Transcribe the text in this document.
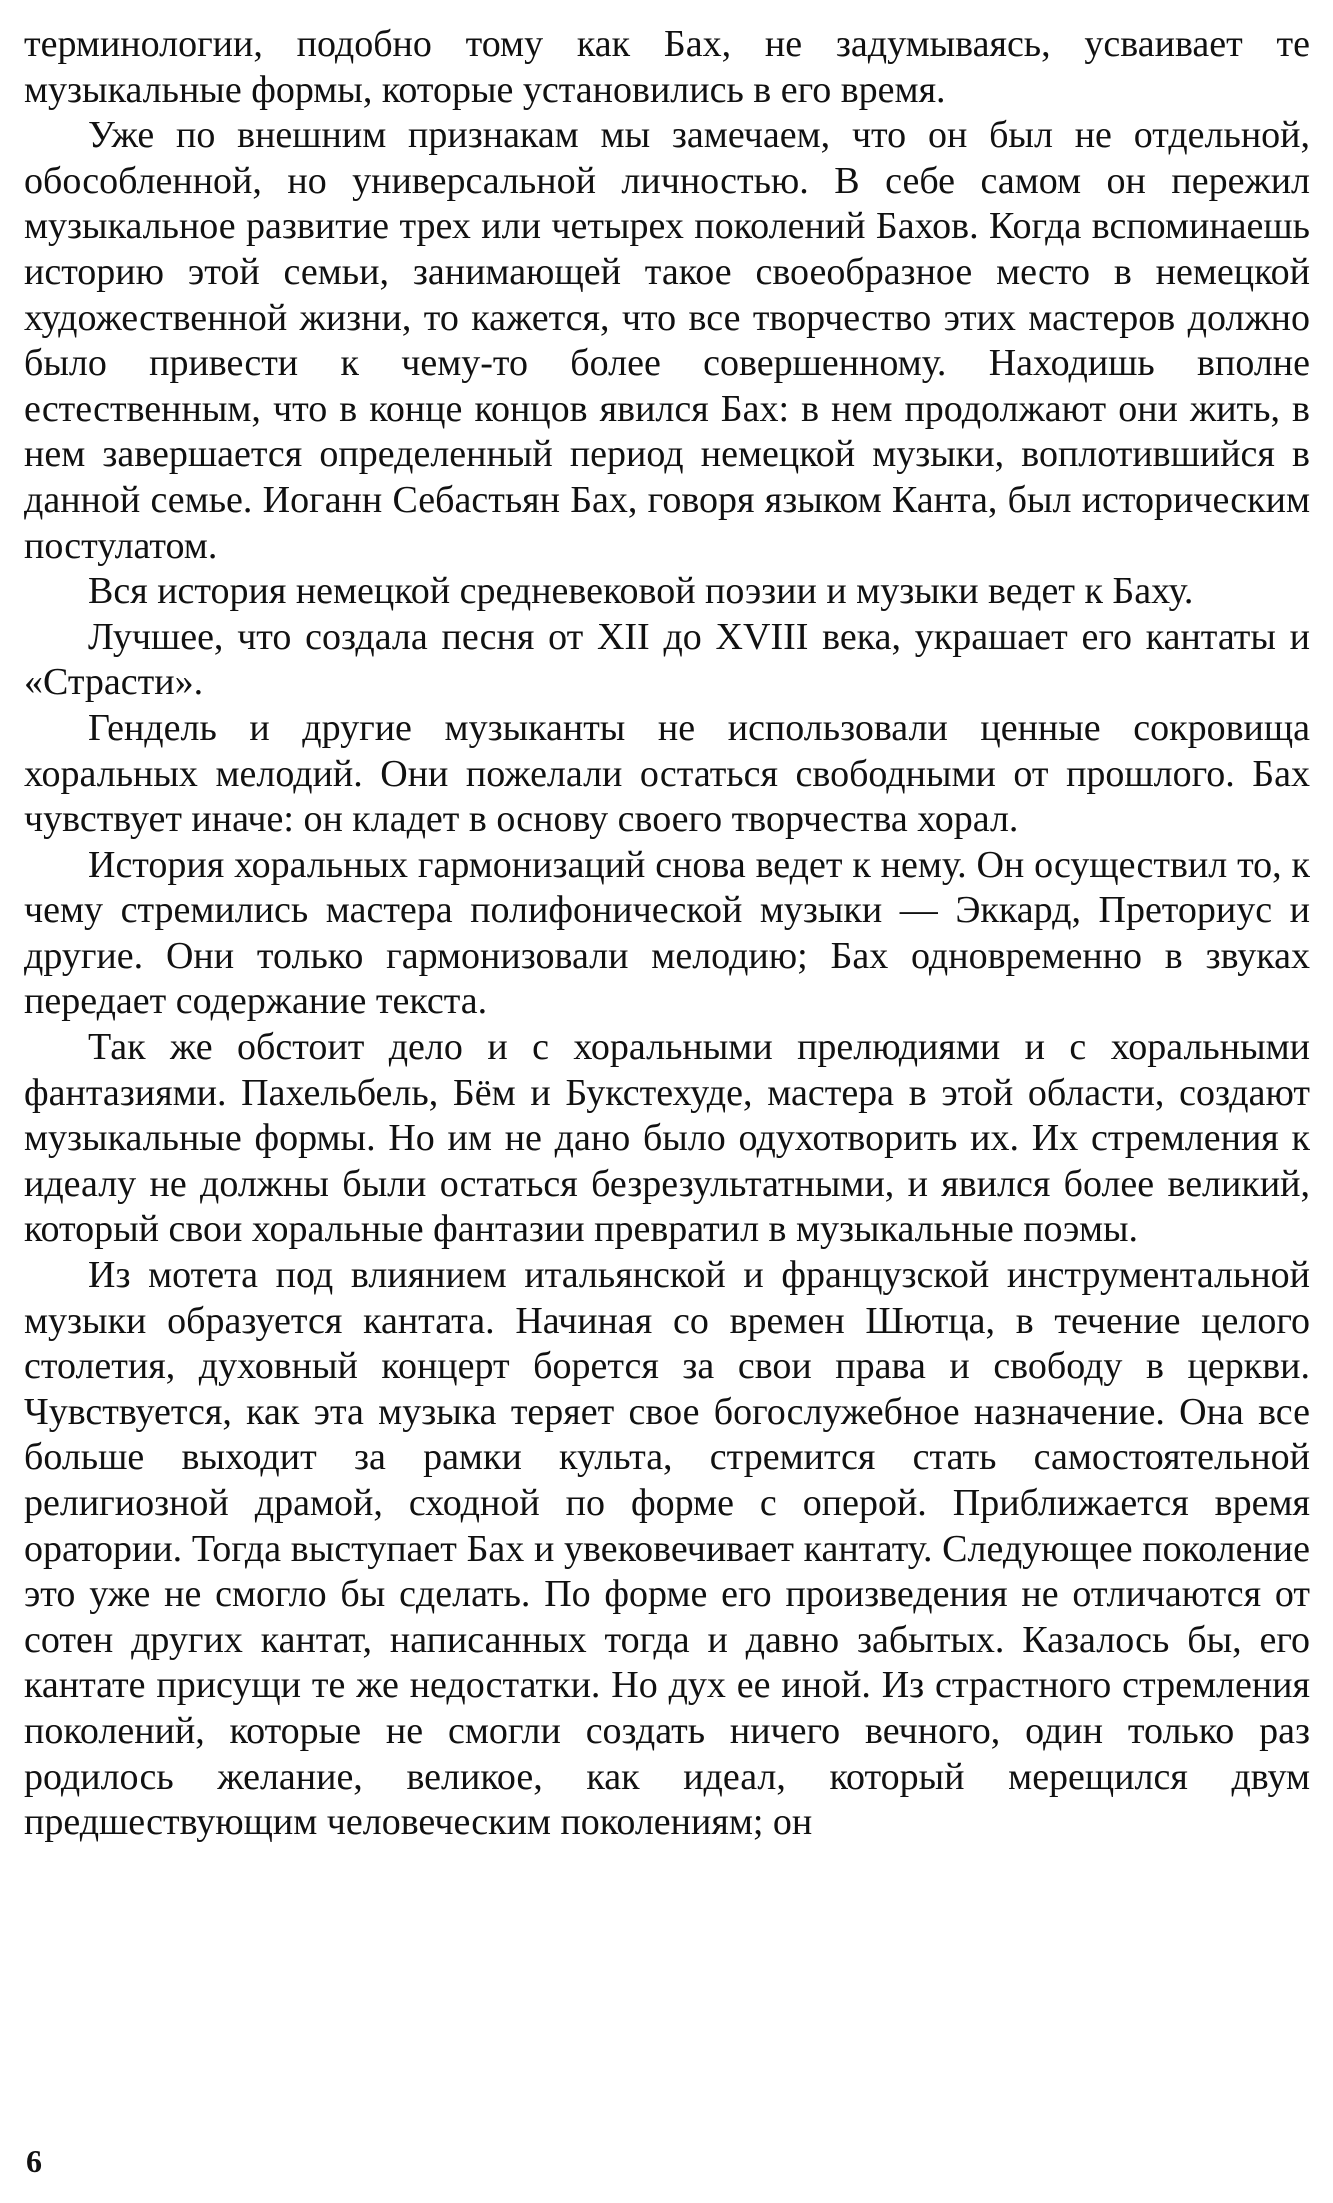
терминологии, подобно тому как Бах, не задумываясь, усваивает те музыкальные формы, которые установились в его время.

Уже по внешним признакам мы замечаем, что он был не отдельной, обособленной, но универсальной личностью. В себе самом он пережил музыкальное развитие трех или четырех поколений Бахов. Когда вспоминаешь историю этой семьи, занимающей такое своеобразное место в немецкой художественной жизни, то кажется, что все творчество этих мастеров должно было привести к чему-то более совершенному. Находишь вполне естественным, что в конце концов явился Бах: в нем продолжают они жить, в нем завершается определенный период немецкой музыки, воплотившийся в данной семье. Иоганн Себастьян Бах, говоря языком Канта, был историческим постулатом.

Вся история немецкой средневековой поэзии и музыки ведет к Баху.

Лучшее, что создала песня от XII до XVIII века, украшает его кантаты и «Страсти».

Гендель и другие музыканты не использовали ценные сокровища хоральных мелодий. Они пожелали остаться свободными от прошлого. Бах чувствует иначе: он кладет в основу своего творчества хорал.

История хоральных гармонизаций снова ведет к нему. Он осуществил то, к чему стремились мастера полифонической музыки — Эккард, Преториус и другие. Они только гармонизовали мелодию; Бах одновременно в звуках передает содержание текста.

Так же обстоит дело и с хоральными прелюдиями и с хоральными фантазиями. Пахельбель, Бём и Букстехуде, мастера в этой области, создают музыкальные формы. Но им не дано было одухотворить их. Их стремления к идеалу не должны были остаться безрезультатными, и явился более великий, который свои хоральные фантазии превратил в музыкальные поэмы.

Из мотета под влиянием итальянской и французской инструментальной музыки образуется кантата. Начиная со времен Шютца, в течение целого столетия, духовный концерт борется за свои права и свободу в церкви. Чувствуется, как эта музыка теряет свое богослужебное назначение. Она все больше выходит за рамки культа, стремится стать самостоятельной религиозной драмой, сходной по форме с оперой. Приближается время оратории. Тогда выступает Бах и увековечивает кантату. Следующее поколение это уже не смогло бы сделать. По форме его произведения не отличаются от сотен других кантат, написанных тогда и давно забытых. Казалось бы, его кантате присущи те же недостатки. Но дух ее иной. Из страстного стремления поколений, которые не смогли создать ничего вечного, один только раз родилось желание, великое, как идеал, который мерещился двум предшествующим человеческим поколениям; он

6
